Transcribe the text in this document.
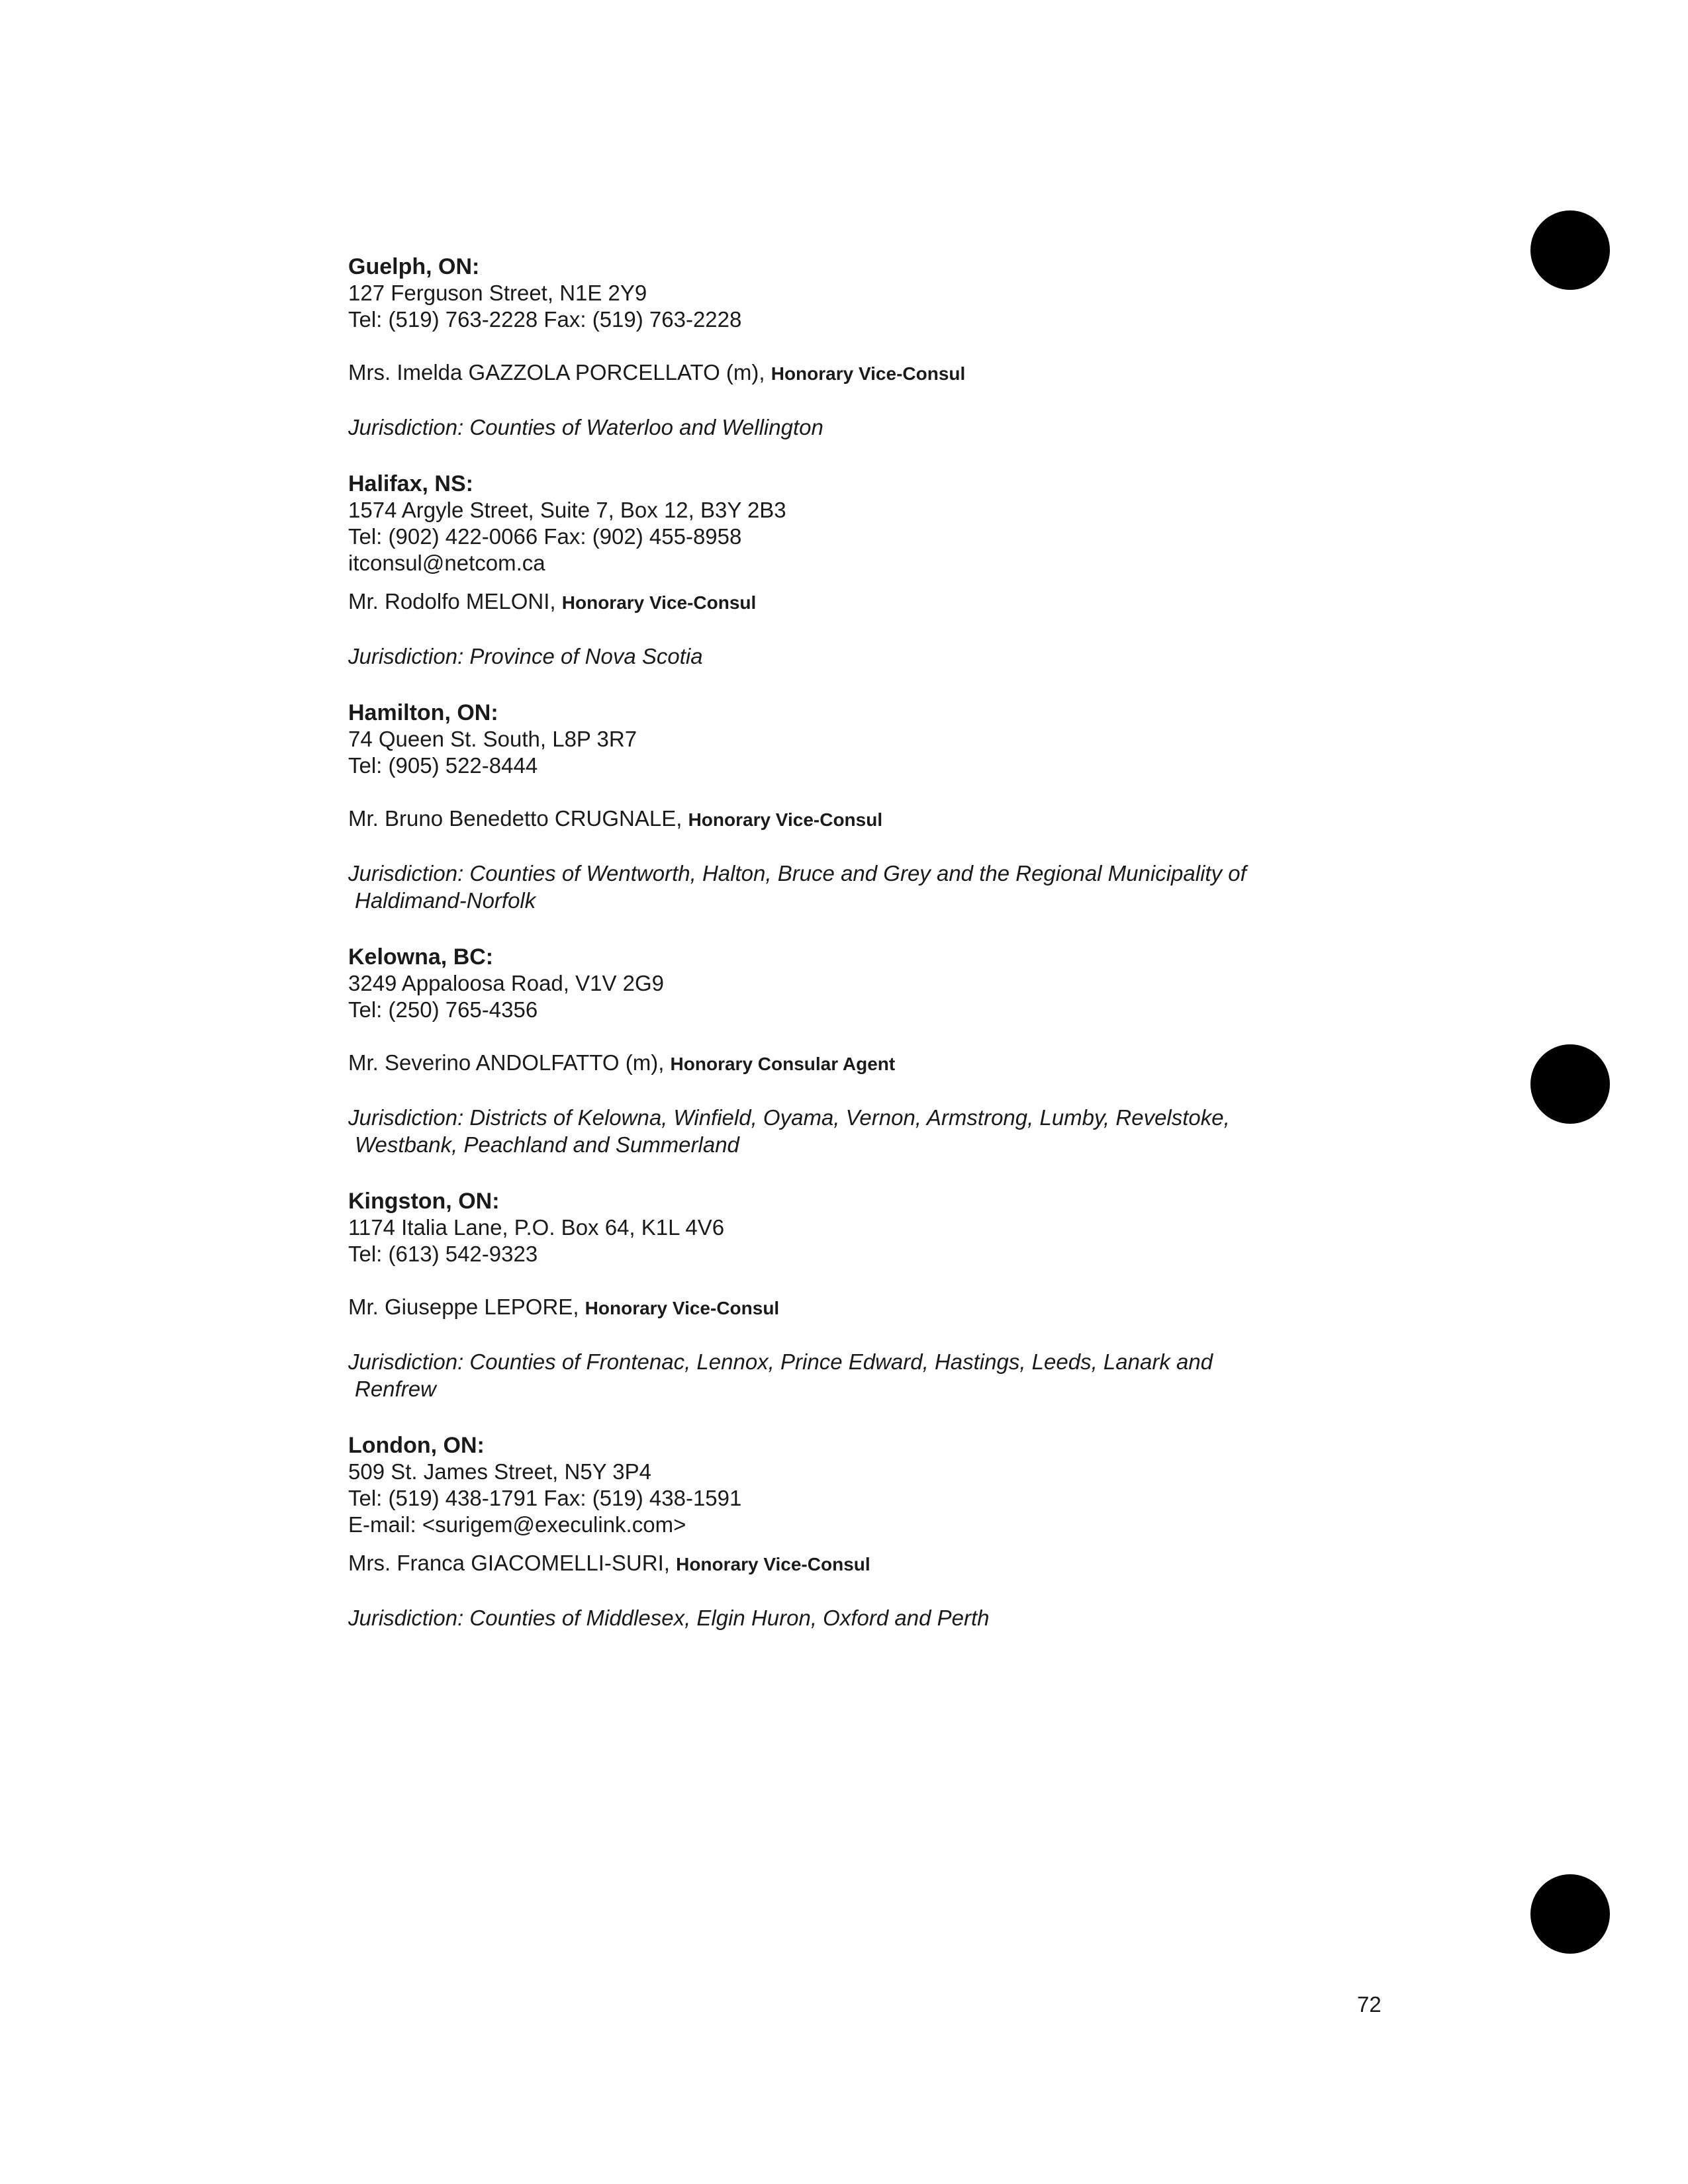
Guelph, ON:
127 Ferguson Street, N1E 2Y9
Tel: (519) 763-2228 Fax: (519) 763-2228
Mrs. Imelda GAZZOLA PORCELLATO (m), Honorary Vice-Consul
Jurisdiction: Counties of Waterloo and Wellington
Halifax, NS:
1574 Argyle Street, Suite 7, Box 12, B3Y 2B3
Tel: (902) 422-0066 Fax: (902) 455-8958
itconsul@netcom.ca
Mr. Rodolfo MELONI, Honorary Vice-Consul
Jurisdiction: Province of Nova Scotia
Hamilton, ON:
74 Queen St. South, L8P 3R7
Tel: (905) 522-8444
Mr. Bruno Benedetto CRUGNALE, Honorary Vice-Consul
Jurisdiction: Counties of Wentworth, Halton, Bruce and Grey and the Regional Municipality of
Haldimand-Norfolk
Kelowna, BC:
3249 Appaloosa Road, V1V 2G9
Tel: (250) 765-4356
Mr. Severino ANDOLFATTO (m), Honorary Consular Agent
Jurisdiction: Districts of Kelowna, Winfield, Oyama, Vernon, Armstrong, Lumby, Revelstoke,
Westbank, Peachland and Summerland
Kingston, ON:
1174 Italia Lane, P.O. Box 64, K1L 4V6
Tel: (613) 542-9323
Mr. Giuseppe LEPORE, Honorary Vice-Consul
Jurisdiction: Counties of Frontenac, Lennox, Prince Edward, Hastings, Leeds, Lanark and
Renfrew
London, ON:
509 St. James Street, N5Y 3P4
Tel: (519) 438-1791 Fax: (519) 438-1591
E-mail: <surigem@execulink.com>
Mrs. Franca GIACOMELLI-SURI, Honorary Vice-Consul
Jurisdiction: Counties of Middlesex, Elgin Huron, Oxford and Perth
72
